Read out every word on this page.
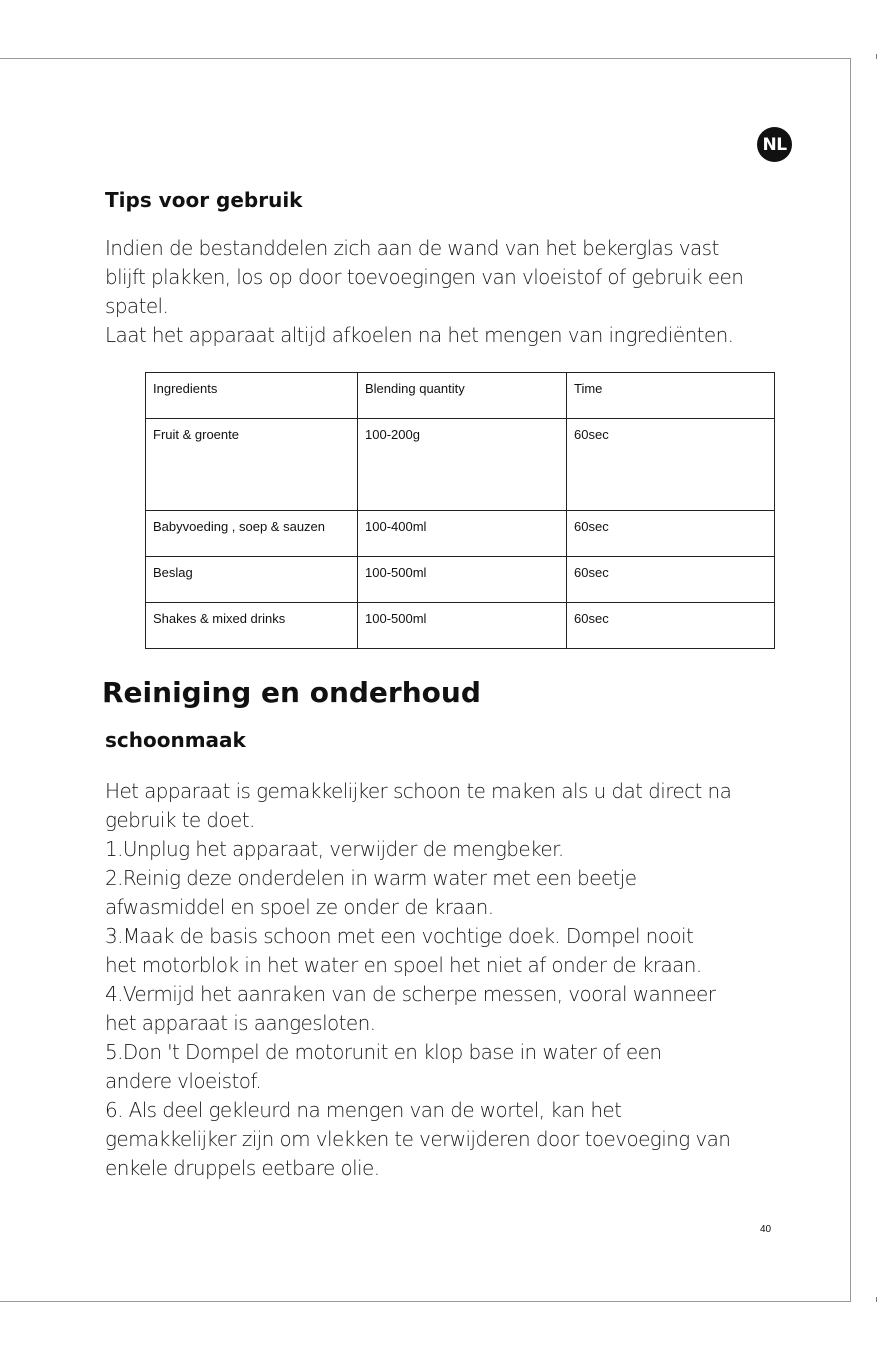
NL
Tips voor gebruik
Indien de bestanddelen zich aan de wand van het bekerglas vast
blijft plakken, los op door toevoegingen van vloeistof of gebruik een
spatel.
Laat het apparaat altijd afkoelen na het mengen van ingrediënten.
Ingredients	Blending quantity	Time
Fruit & groente	100-200g	60sec
Babyvoeding , soep & sauzen	100-400ml	60sec
Beslag	100-500ml	60sec
Shakes & mixed drinks	100-500ml	60sec
Reiniging en onderhoud
schoonmaak
Het apparaat is gemakkelijker schoon te maken als u dat direct na
gebruik te doet.
1.Unplug het apparaat, verwijder de mengbeker.
2.Reinig deze onderdelen in warm water met een beetje
afwasmiddel en spoel ze onder de kraan.
3.Maak de basis schoon met een vochtige doek. Dompel nooit
het motorblok in het water en spoel het niet af onder de kraan.
4.Vermijd het aanraken van de scherpe messen, vooral wanneer
het apparaat is aangesloten.
5.Don 't Dompel de motorunit en klop base in water of een
andere vloeistof.
6. Als deel gekleurd na mengen van de wortel, kan het
gemakkelijker zijn om vlekken te verwijderen door toevoeging van
enkele druppels eetbare olie.
40
